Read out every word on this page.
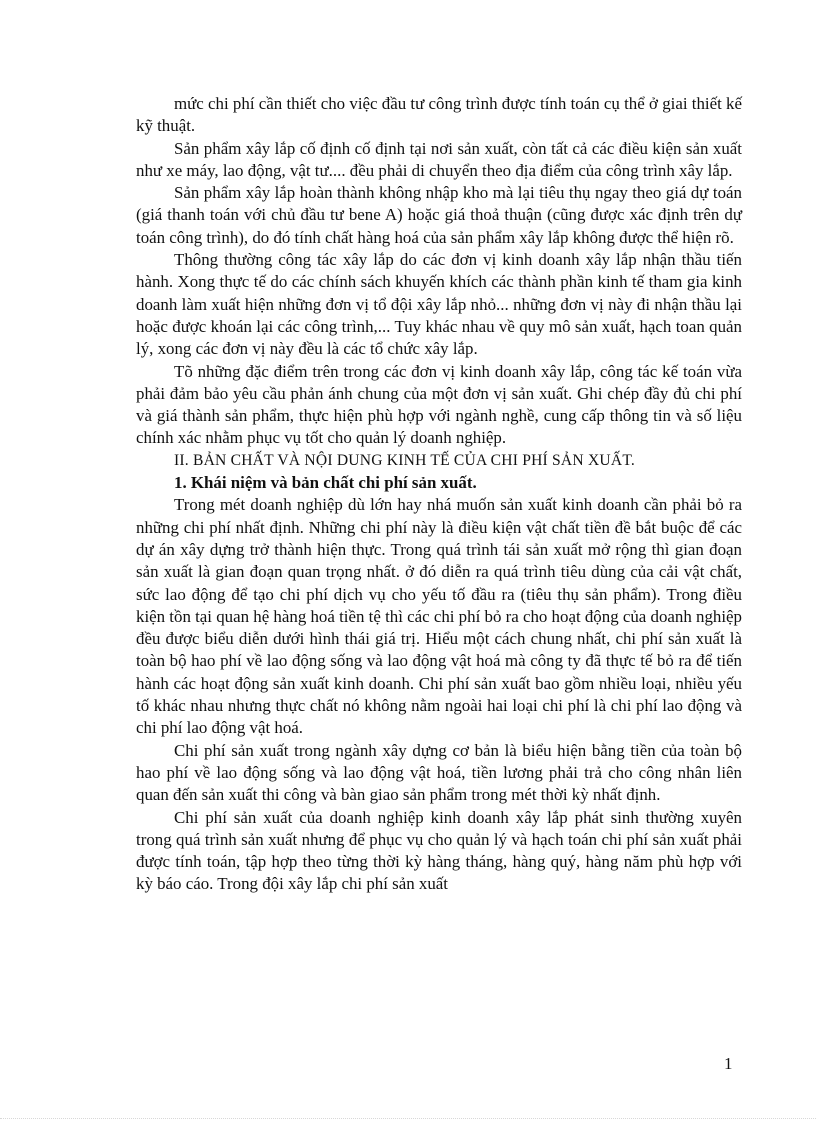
mức chi phí cần thiết cho việc đầu tư công trình được tính toán cụ thể ở giai thiết kế kỹ thuật.

Sản phẩm xây lắp cố định cố định tại nơi sản xuất, còn tất cả các điều kiện sản xuất như xe máy, lao động, vật tư.... đều phải di chuyển theo địa điểm của công trình xây lắp.

Sản phẩm xây lắp hoàn thành không nhập kho mà lại tiêu thụ ngay theo giá dự toán (giá thanh toán với chủ đầu tư bene A) hoặc giá thoả thuận (cũng được xác định trên dự toán công trình), do đó tính chất hàng hoá của sản phẩm xây lắp không được thể hiện rõ.

Thông thường công tác xây lắp do các đơn vị kinh doanh xây lắp nhận thầu tiến hành. Xong thực tế do các chính sách khuyến khích các thành phần kinh tế tham gia kinh doanh làm xuất hiện những đơn vị tổ đội xây lắp nhỏ... những đơn vị này đi nhận thầu lại hoặc được khoán lại các công trình,... Tuy khác nhau về quy mô sản xuất, hạch toan quản lý, xong các đơn vị này đều là các tổ chức xây lắp.

Tõ những đặc điểm trên trong các đơn vị kinh doanh xây lắp, công tác kế toán vừa phải đảm bảo yêu cầu phản ánh chung của một đơn vị sản xuất. Ghi chép đầy đủ chi phí và giá thành sản phẩm, thực hiện phù hợp với ngành nghề, cung cấp thông tin và số liệu chính xác nhằm phục vụ tốt cho quản lý doanh nghiệp.

II. BẢN CHẤT VÀ NỘI DUNG KINH TẾ CỦA CHI PHÍ SẢN XUẤT.

1. Khái niệm và bản chất chi phí sản xuất.

Trong mét doanh nghiệp dù lớn hay nhá muốn sản xuất kinh doanh cần phải bỏ ra những chi phí nhất định. Những chi phí này là điều kiện vật chất tiền đề bắt buộc để các dự án xây dựng trở thành hiện thực. Trong quá trình tái sản xuất mở rộng thì gian đoạn sản xuất là gian đoạn quan trọng nhất. ở đó diễn ra quá trình tiêu dùng của cải vật chất, sức lao động để tạo chi phí dịch vụ cho yếu tố đầu ra (tiêu thụ sản phẩm). Trong điều kiện tồn tại quan hệ hàng hoá tiền tệ thì các chi phí bỏ ra cho hoạt động của doanh nghiệp đều được biểu diễn dưới hình thái giá trị. Hiểu một cách chung nhất, chi phí sản xuất là toàn bộ hao phí về lao động sống và lao động vật hoá mà công ty đã thực tế bỏ ra để tiến hành các hoạt động sản xuất kinh doanh. Chi phí sản xuất bao gồm nhiều loại, nhiều yếu tố khác nhau nhưng thực chất nó không nằm ngoài hai loại chi phí là chi phí lao động và chi phí lao động vật hoá.

Chi phí sản xuất trong ngành xây dựng cơ bản là biểu hiện bằng tiền của toàn bộ hao phí về lao động sống và lao động vật hoá, tiền lương phải trả cho công nhân liên quan đến sản xuất thi công và bàn giao sản phẩm trong mét thời kỳ nhất định.

Chi phí sản xuất của doanh nghiệp kinh doanh xây lắp phát sinh thường xuyên trong quá trình sản xuất nhưng để phục vụ cho quản lý và hạch toán chi phí sản xuất phải được tính toán, tập hợp theo từng thời kỳ hàng tháng, hàng quý, hàng năm phù hợp với kỳ báo cáo. Trong đội xây lắp chi phí sản xuất

1
